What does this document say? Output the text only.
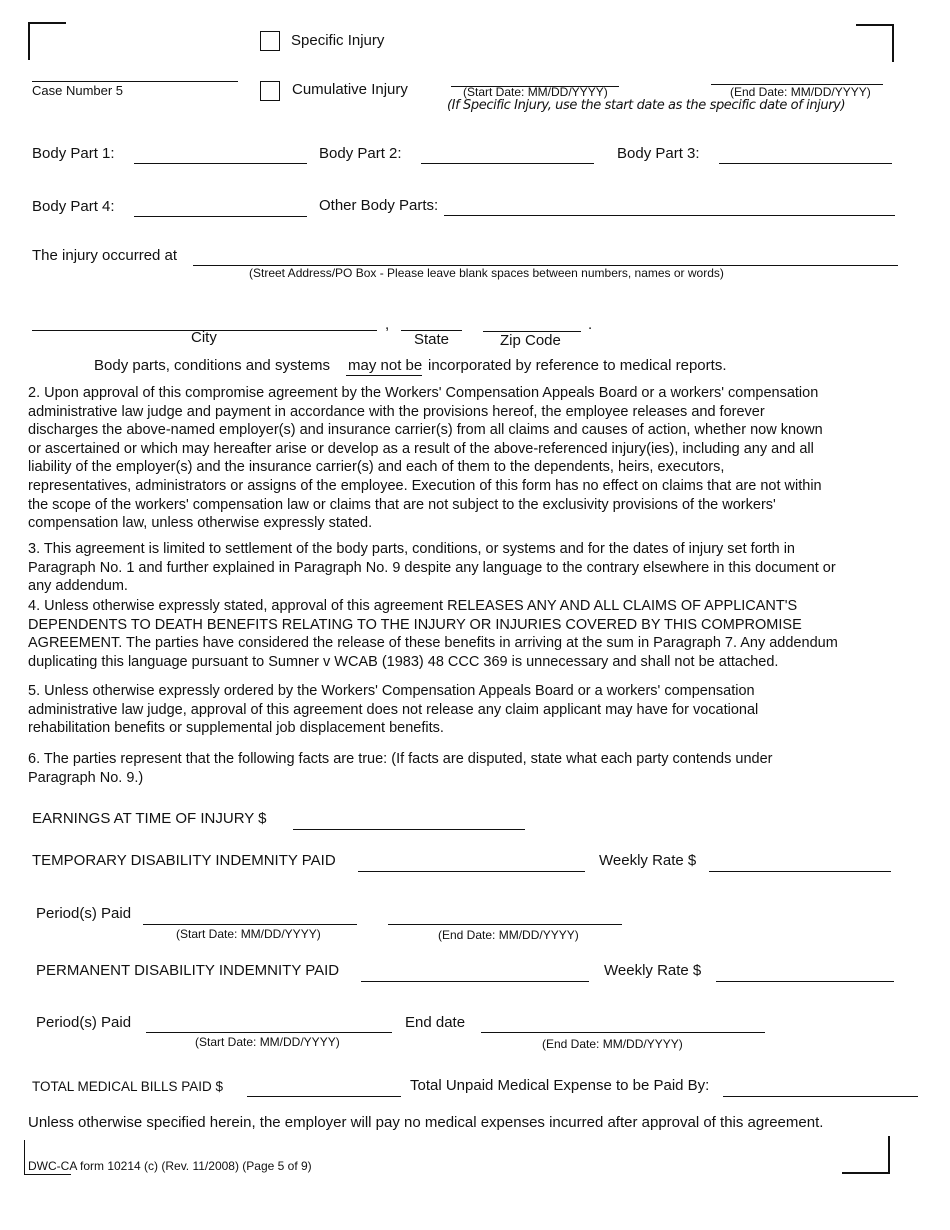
Specific Injury
Cumulative Injury
Case Number 5	(Start Date: MM/DD/YYYY)	(End Date: MM/DD/YYYY)
(If Specific Injury, use the start date as the specific date of injury)
Body Part 1:	Body Part 2:	Body Part 3:
Body Part 4:	Other Body Parts:
The injury occurred at
(Street Address/PO Box - Please leave blank spaces between numbers, names or words)
,
City	State	Zip Code
.
Body parts, conditions and systems may not be incorporated by reference to medical reports.
2. Upon approval of this compromise agreement by the Workers' Compensation Appeals Board or a workers' compensation
administrative law judge and payment in accordance with the provisions hereof, the employee releases and forever
discharges the above-named employer(s) and insurance carrier(s) from all claims and causes of action, whether now known
or ascertained or which may hereafter arise or develop as a result of the above-referenced injury(ies), including any and all
liability of the employer(s) and the insurance carrier(s) and each of them to the dependents, heirs, executors,
representatives, administrators or assigns of the employee. Execution of this form has no effect on claims that are not within
the scope of the workers' compensation law or claims that are not subject to the exclusivity provisions of the workers'
compensation law, unless otherwise expressly stated.
3. This agreement is limited to settlement of the body parts, conditions, or systems and for the dates of injury set forth in
Paragraph No. 1 and further explained in Paragraph No. 9 despite any language to the contrary elsewhere in this document or
any addendum.
4. Unless otherwise expressly stated, approval of this agreement RELEASES ANY AND ALL CLAIMS OF APPLICANT'S
DEPENDENTS TO DEATH BENEFITS RELATING TO THE INJURY OR INJURIES COVERED BY THIS COMPROMISE
AGREEMENT. The parties have considered the release of these benefits in arriving at the sum in Paragraph 7. Any addendum
duplicating this language pursuant to Sumner v WCAB (1983) 48 CCC 369 is unnecessary and shall not be attached.
5. Unless otherwise expressly ordered by the Workers' Compensation Appeals Board or a workers' compensation
administrative law judge, approval of this agreement does not release any claim applicant may have for vocational
rehabilitation benefits or supplemental job displacement benefits.
6. The parties represent that the following facts are true: (If facts are disputed, state what each party contends under
Paragraph No. 9.)
EARNINGS AT TIME OF INJURY $
TEMPORARY DISABILITY INDEMNITY PAID	Weekly Rate $
Period(s) Paid
(Start Date: MM/DD/YYYY)	(End Date: MM/DD/YYYY)
PERMANENT DISABILITY INDEMNITY PAID	Weekly Rate $
Period(s) Paid
(Start Date: MM/DD/YYYY)
End date
(End Date: MM/DD/YYYY)
TOTAL MEDICAL BILLS PAID $	Total Unpaid Medical Expense to be Paid By:
Unless otherwise specified herein, the employer will pay no medical expenses incurred after approval of this agreement.
DWC-CA form 10214 (c) (Rev. 11/2008) (Page 5 of 9)
